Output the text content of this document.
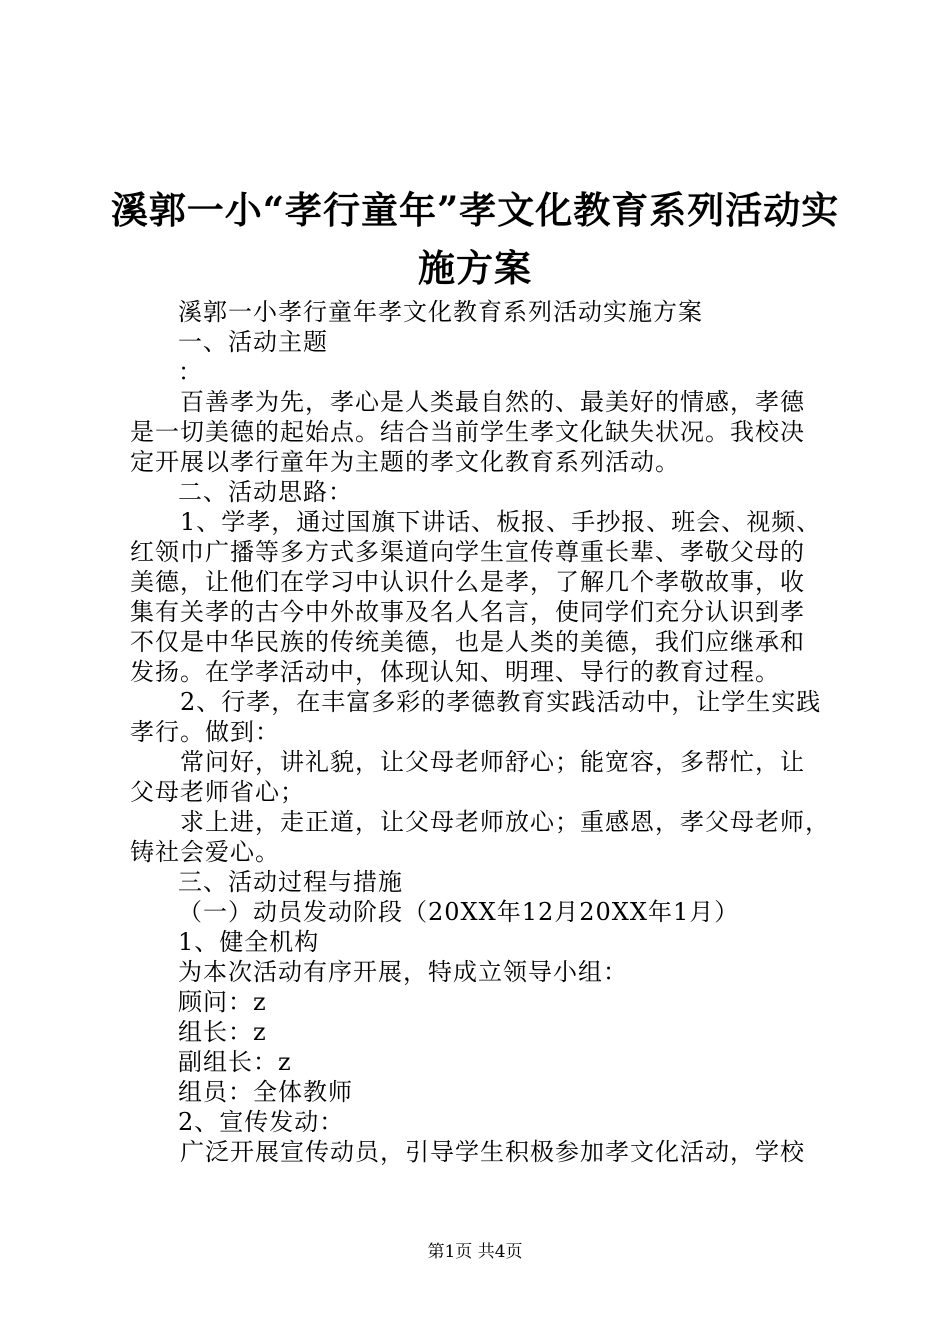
溪郭一小“孝行童年”孝文化教育系列活动实
施方案

溪郭一小孝行童年孝文化教育系列活动实施方案

一、活动主题

：

百善孝为先，孝心是人类最自然的、最美好的情感，孝德

是一切美德的起始点。结合当前学生孝文化缺失状况。我校决

定开展以孝行童年为主题的孝文化教育系列活动。

二、活动思路：

1、学孝，通过国旗下讲话、板报、手抄报、班会、视频、

红领巾广播等多方式多渠道向学生宣传尊重长辈、孝敬父母的

美德，让他们在学习中认识什么是孝，了解几个孝敬故事，收

集有关孝的古今中外故事及名人名言，使同学们充分认识到孝

不仅是中华民族的传统美德，也是人类的美德，我们应继承和

发扬。在学孝活动中，体现认知、明理、导行的教育过程。

2、行孝，在丰富多彩的孝德教育实践活动中，让学生实践

孝行。做到：

常问好，讲礼貌，让父母老师舒心；能宽容，多帮忙，让

父母老师省心；

求上进，走正道，让父母老师放心；重感恩，孝父母老师，

铸社会爱心。

三、活动过程与措施

（一）动员发动阶段（20XX年12月20XX年1月）

1、健全机构

为本次活动有序开展，特成立领导小组：

顾问：z

组长：z

副组长：z

组员：全体教师

2、宣传发动：

广泛开展宣传动员，引导学生积极参加孝文化活动，学校

第1页 共4页
